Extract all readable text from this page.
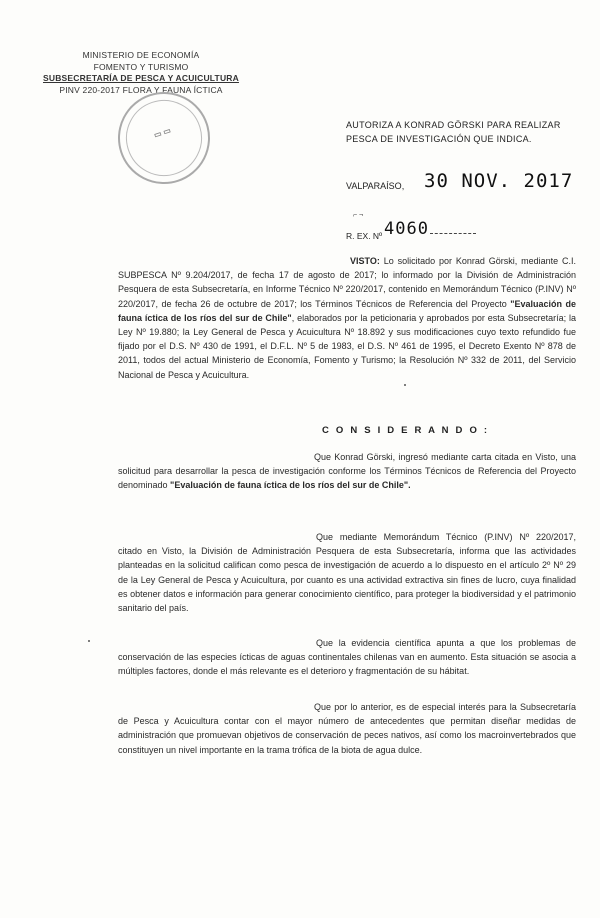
MINISTERIO DE ECONOMÍA
FOMENTO Y TURISMO
SUBSECRETARÍA DE PESCA Y ACUICULTURA
PINV 220-2017 FLORA Y FAUNA ÍCTICA
▭ ▭
AUTORIZA A KONRAD GÖRSKI PARA REALIZAR PESCA DE INVESTIGACIÓN QUE INDICA.
VALPARAÍSO, 30 NOV. 2017
⌐ ¬
R. EX. Nº 4060
VISTO: Lo solicitado por Konrad Görski, mediante C.I. SUBPESCA Nº 9.204/2017, de fecha 17 de agosto de 2017; lo informado por la División de Administración Pesquera de esta Subsecretaría, en Informe Técnico Nº 220/2017, contenido en Memorándum Técnico (P.INV) Nº 220/2017, de fecha 26 de octubre de 2017; los Términos Técnicos de Referencia del Proyecto "Evaluación de fauna íctica de los ríos del sur de Chile", elaborados por la peticionaria y aprobados por esta Subsecretaría; la Ley Nº 19.880; la Ley General de Pesca y Acuicultura Nº 18.892 y sus modificaciones cuyo texto refundido fue fijado por el D.S. Nº 430 de 1991, el D.F.L. Nº 5 de 1983, el D.S. Nº 461 de 1995, el Decreto Exento Nº 878 de 2011, todos del actual Ministerio de Economía, Fomento y Turismo; la Resolución Nº 332 de 2011, del Servicio Nacional de Pesca y Acuicultura.
C O N S I D E R A N D O :
Que Konrad Görski, ingresó mediante carta citada en Visto, una solicitud para desarrollar la pesca de investigación conforme los Términos Técnicos de Referencia del Proyecto denominado "Evaluación de fauna íctica de los ríos del sur de Chile".
Que mediante Memorándum Técnico (P.INV) Nº 220/2017, citado en Visto, la División de Administración Pesquera de esta Subsecretaría, informa que las actividades planteadas en la solicitud califican como pesca de investigación de acuerdo a lo dispuesto en el artículo 2º Nº 29 de la Ley General de Pesca y Acuicultura, por cuanto es una actividad extractiva sin fines de lucro, cuya finalidad es obtener datos e información para generar conocimiento científico, para proteger la biodiversidad y el patrimonio sanitario del país.
Que la evidencia científica apunta a que los problemas de conservación de las especies ícticas de aguas continentales chilenas van en aumento. Esta situación se asocia a múltiples factores, donde el más relevante es el deterioro y fragmentación de su hábitat.
Que por lo anterior, es de especial interés para la Subsecretaría de Pesca y Acuicultura contar con el mayor número de antecedentes que permitan diseñar medidas de administración que promuevan objetivos de conservación de peces nativos, así como los macroinvertebrados que constituyen un nivel importante en la trama trófica de la biota de agua dulce.
